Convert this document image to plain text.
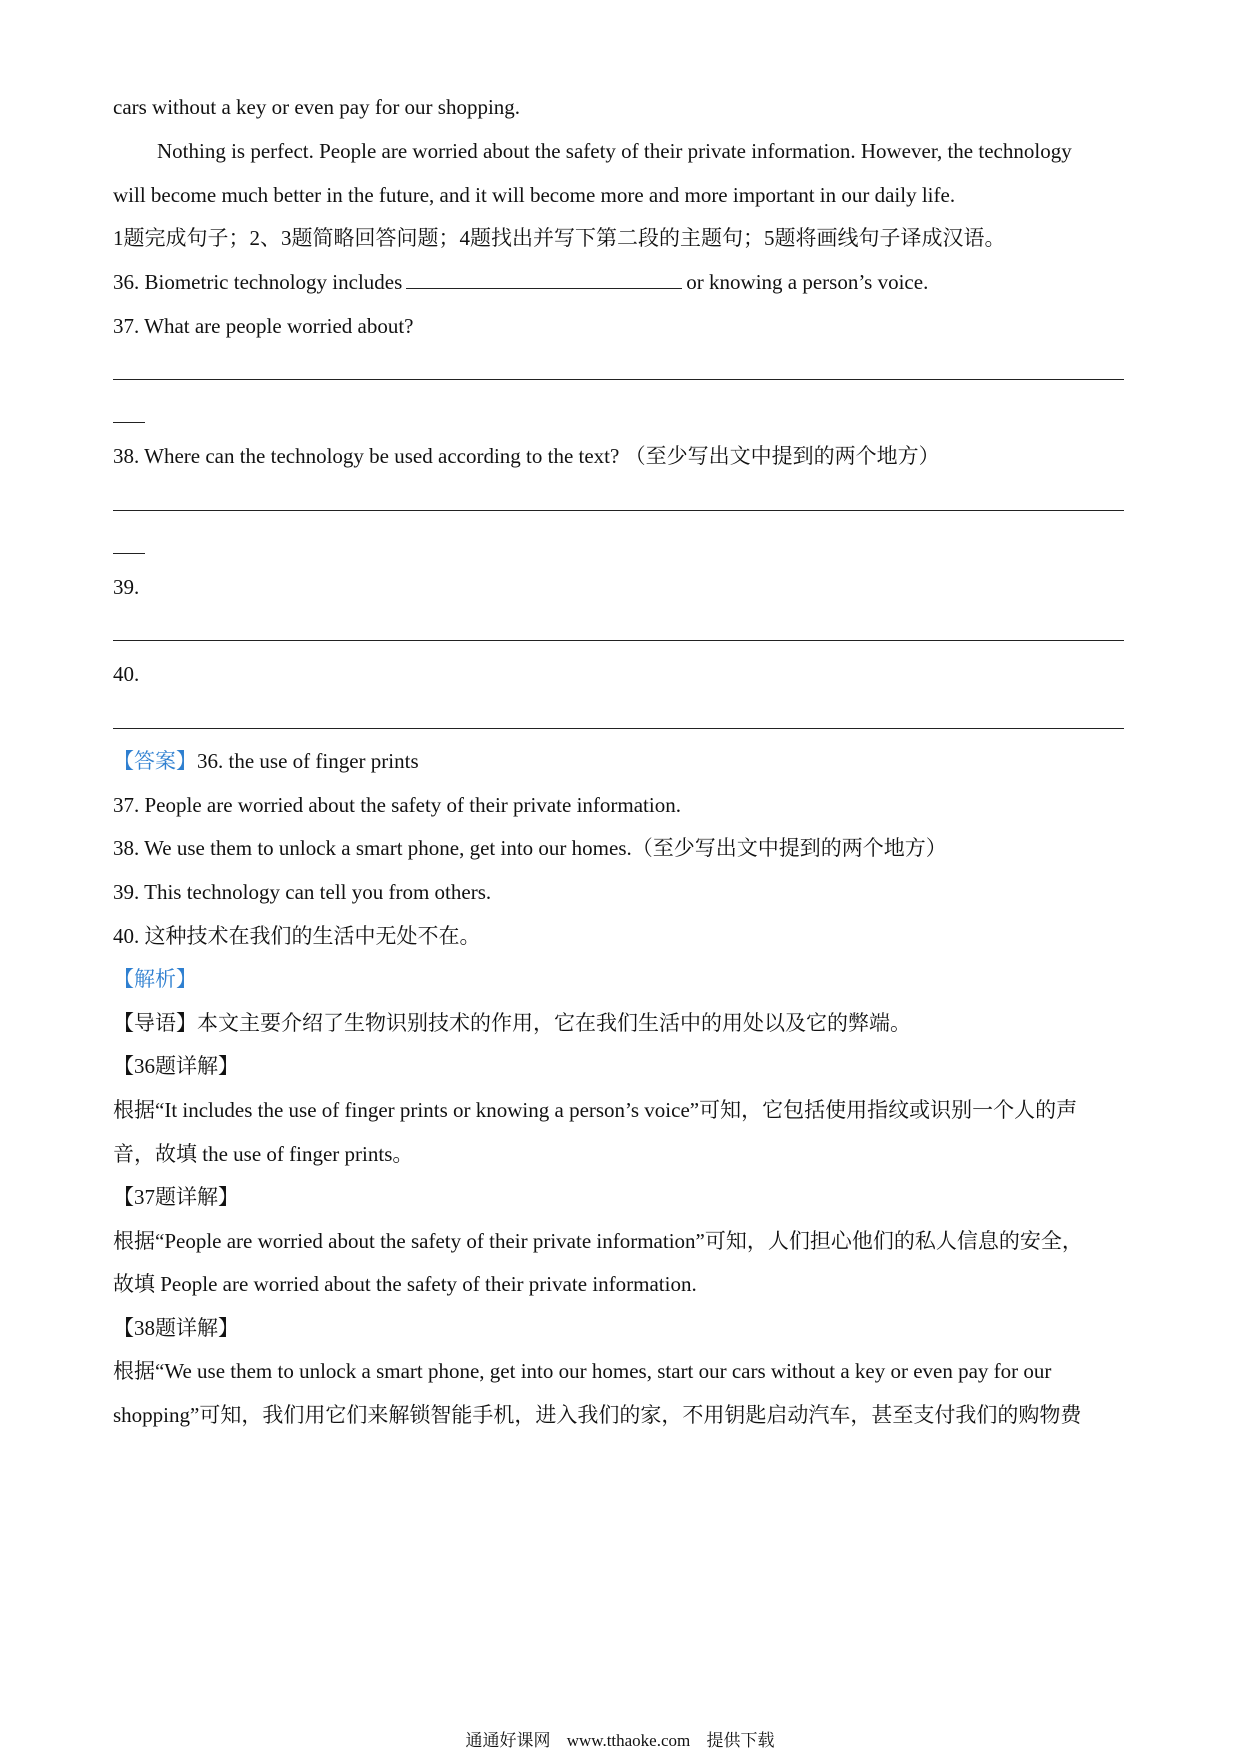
cars without a key or even pay for our shopping.
Nothing is perfect. People are worried about the safety of their private information. However, the technology
will become much better in the future, and it will become more and more important in our daily life.
1题完成句子；2、3题简略回答问题；4题找出并写下第二段的主题句；5题将画线句子译成汉语。
36. Biometric technology includes	or knowing a person’s voice.
37. What are people worried about?
38. Where can the technology be used according to the text? （至少写出文中提到的两个地方）
39.
40.
【答案】36. the use of finger prints
37. People are worried about the safety of their private information.
38. We use them to unlock a smart phone, get into our homes.（至少写出文中提到的两个地方）
39. This technology can tell you from others.
40. 这种技术在我们的生活中无处不在。
【解析】
【导语】本文主要介绍了生物识别技术的作用，它在我们生活中的用处以及它的弊端。
【36题详解】
根据“It includes the use of finger prints or knowing a person’s voice”可知，它包括使用指纹或识别一个人的声
音，故填 the use of finger prints。
【37题详解】
根据“People are worried about the safety of their private information”可知，人们担心他们的私人信息的安全，
故填 People are worried about the safety of their private information.
【38题详解】
根据“We use them to unlock a smart phone, get into our homes, start our cars without a key or even pay for our
shopping”可知，我们用它们来解锁智能手机，进入我们的家，不用钥匙启动汽车，甚至支付我们的购物费
通通好课网 www.tthaoke.com 提供下载
